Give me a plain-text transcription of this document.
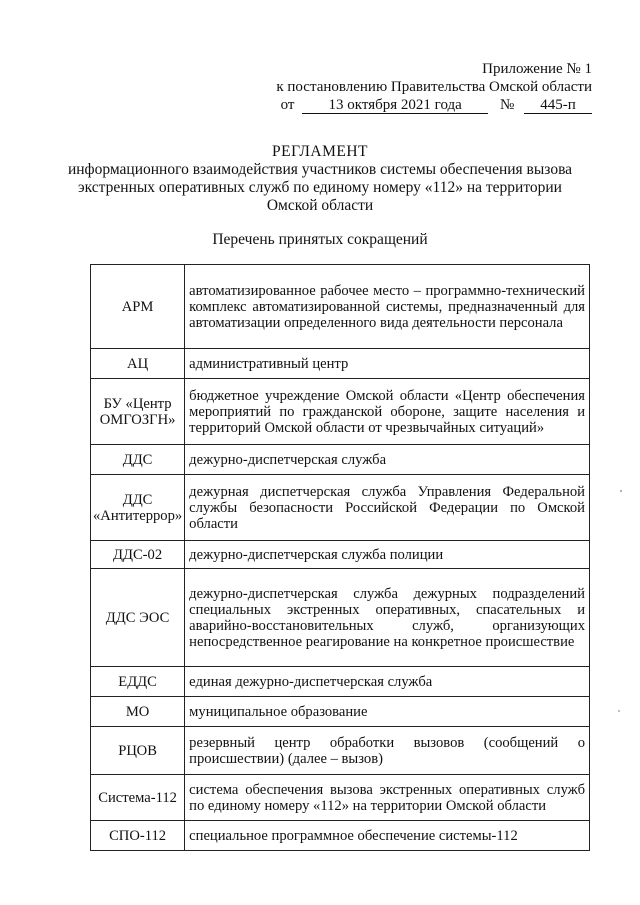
Приложение № 1
к постановлению Правительства Омской области
от 13 октября 2021 года	№ 445-п
РЕГЛАМЕНТ
информационного взаимодействия участников системы обеспечения вызова
экстренных оперативных служб по единому номеру «112» на территории
Омской области
Перечень принятых сокращений
АРМ	автоматизированное рабочее место – программно-технический комплекс автоматизированной системы, предназначенный для автоматизации определенного вида деятельности персонала
АЦ	административный центр
БУ «Центр ОМГОЗГН»	бюджетное учреждение Омской области «Центр обеспечения мероприятий по гражданской обороне, защите населения и территорий Омской области от чрезвычайных ситуаций»
ДДС	дежурно-диспетчерская служба
ДДС «Антитеррор»	дежурная диспетчерская служба Управления Федеральной службы безопасности Российской Федерации по Омской области
ДДС-02	дежурно-диспетчерская служба полиции
ДДС ЭОС	дежурно-диспетчерская служба дежурных подразделений специальных экстренных оперативных, спасательных и аварийно-восстановительных служб, организующих непосредственное реагирование на конкретное происшествие
ЕДДС	единая дежурно-диспетчерская служба
МО	муниципальное образование
РЦОВ	резервный центр обработки вызовов (сообщений о происшествии) (далее – вызов)
Система-112	система обеспечения вызова экстренных оперативных служб по единому номеру «112» на территории Омской области
СПО-112	специальное программное обеспечение системы-112
